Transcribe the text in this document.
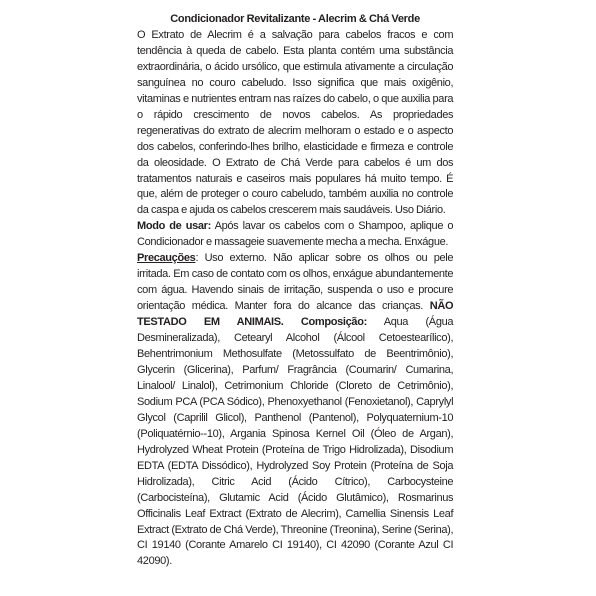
Condicionador Revitalizante - Alecrim & Chá Verde
O Extrato de Alecrim é a salvação para cabelos fracos e com tendência à queda de cabelo. Esta planta contém uma substância extraordinária, o ácido ursólico, que estimula ativamente a circulação sanguínea no couro cabeludo. Isso significa que mais oxigênio, vitaminas e nutrientes entram nas raízes do cabelo, o que auxilia para o rápido crescimento de novos cabelos. As propriedades regenerativas do extrato de alecrim melhoram o estado e o aspecto dos cabelos, conferindo-lhes brilho, elasticidade e firmeza e controle da oleosidade. O Extrato de Chá Verde para cabelos é um dos tratamentos naturais e caseiros mais populares há muito tempo. É que, além de proteger o couro cabeludo, também auxilia no controle da caspa e ajuda os cabelos crescerem mais saudáveis. Uso Diário.
Modo de usar: Após lavar os cabelos com o Shampoo, aplique o Condicionador e massageie suavemente mecha a mecha. Enxágue.
Precauções: Uso externo. Não aplicar sobre os olhos ou pele irritada. Em caso de contato com os olhos, enxágue abundantemente com água. Havendo sinais de irritação, suspenda o uso e procure orientação médica. Manter fora do alcance das crianças. NÃO TESTADO EM ANIMAIS. Composição: Aqua (Água Desmineralizada), Cetearyl Alcohol (Álcool Cetoestearílico), Behentrimonium Methosulfate (Metossulfato de Beentrimônio), Glycerin (Glicerina), Parfum/ Fragrância (Coumarin/ Cumarina, Linalool/ Linalol), Cetrimonium Chloride (Cloreto de Cetrimônio), Sodium PCA (PCA Sódico), Phenoxyethanol (Fenoxietanol), Caprylyl Glycol (Caprilil Glicol), Panthenol (Pantenol), Polyquaternium-10 (Poliquatérnio--10), Argania Spinosa Kernel Oil (Óleo de Argan), Hydrolyzed Wheat Protein (Proteína de Trigo Hidrolizada), Disodium EDTA (EDTA Dissódico), Hydrolyzed Soy Protein (Proteína de Soja Hidrolizada), Citric Acid (Ácido Cítrico), Carbocysteine (Carbocisteína), Glutamic Acid (Ácido Glutâmico), Rosmarinus Officinalis Leaf Extract (Extrato de Alecrim), Camellia Sinensis Leaf Extract (Extrato de Chá Verde), Threonine (Treonina), Serine (Serina), CI 19140 (Corante Amarelo CI 19140), CI 42090 (Corante Azul CI 42090).
